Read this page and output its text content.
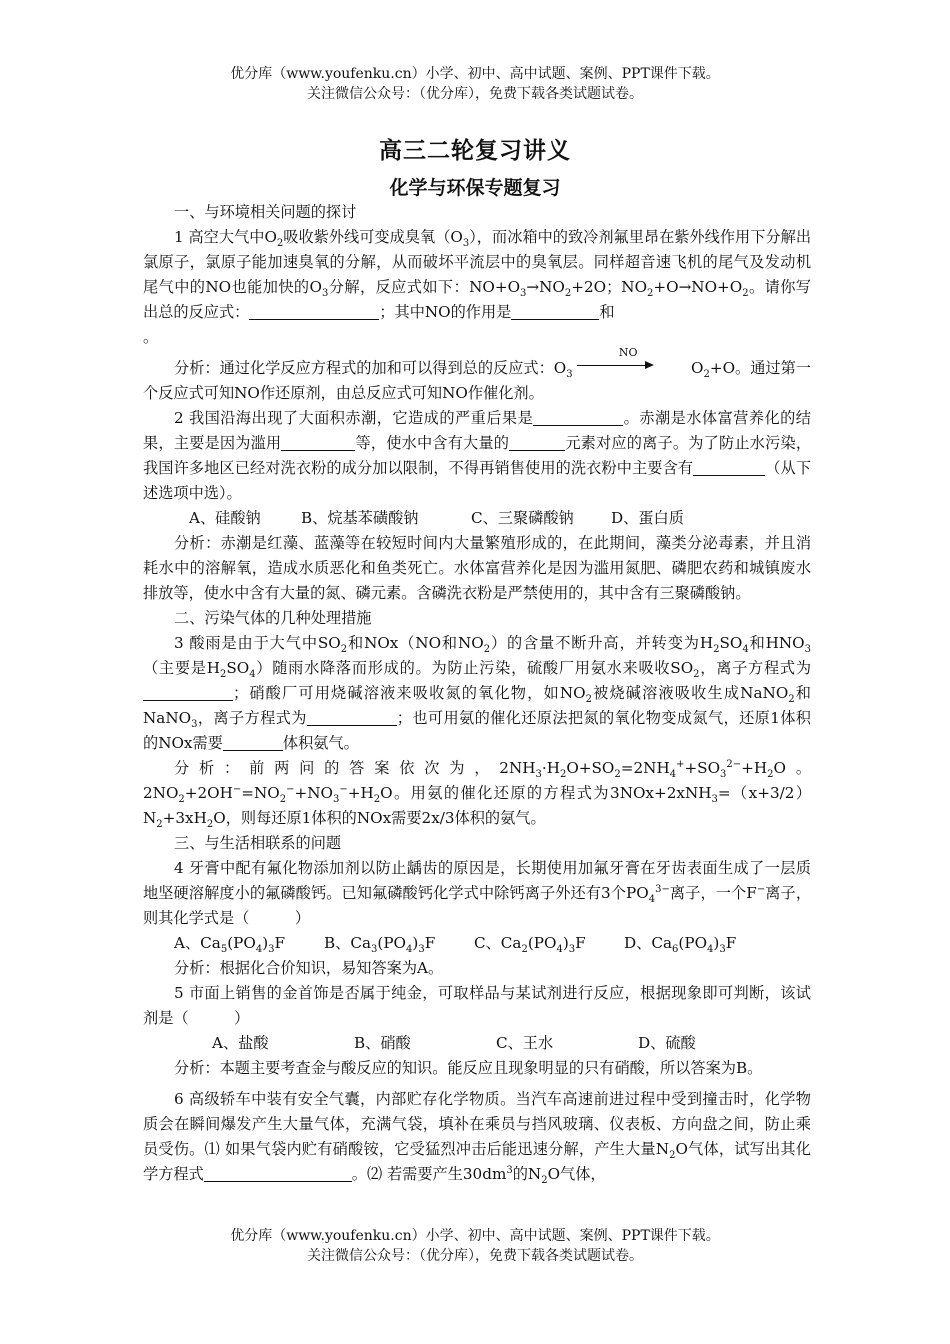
优分库（www.youfenku.cn）小学、初中、高中试题、案例、PPT课件下载。
关注微信公众号：（优分库），免费下载各类试题试卷。
高三二轮复习讲义
化学与环保专题复习

一、与环境相关问题的探讨

1 高空大气中$O_2$吸收紫外线可变成臭氧$(O_3)$，而冰箱中的致冷剂氟里昂在紫外线作用下分解出氯原子，氯原子能加速臭氧的分解，从而破坏平流层中的臭氧层。同样超音速飞机的尾气及发动机尾气中的NO也能加快的$O_3$分解，反应式如下：$NO+O_3\to NO_2+2O$；$NO_2+O\to NO+O_2$。请你写出总的反应式：	；其中NO的作用是	和
。

分析：通过化学反应方程式的加和可以得到总的反应式：$O_3$
NO
　　$O_2+O$。通过第一个反应式可知NO作还原剂，由总反应式可知NO作催化剂。

2 我国沿海出现了大面积赤潮，它造成的严重后果是	。赤潮是水体富营养化的结果，主要是因为滥用	等，使水中含有大量的	元素对应的离子。为了防止水污染，我国许多地区已经对洗衣粉的成分加以限制，不得再销售使用的洗衣粉中主要含有	（从下述选项中选）。

A、硅酸钠	B、烷基苯磺酸钠	C、三聚磷酸钠	D、蛋白质

分析：赤潮是红藻、蓝藻等在较短时间内大量繁殖形成的，在此期间，藻类分泌毒素，并且消耗水中的溶解氧，造成水质恶化和鱼类死亡。水体富营养化是因为滥用氮肥、磷肥农药和城镇废水排放等，使水中含有大量的氮、磷元素。含磷洗衣粉是严禁使用的，其中含有三聚磷酸钠。

二、污染气体的几种处理措施

3 酸雨是由于大气中$SO_2$和NOx（NO和$NO_2$）的含量不断升高，并转变为$H_2SO_4$和$HNO_3$（主要是$H_2SO_4$）随雨水降落而形成的。为防止污染，硫酸厂用氨水来吸收$SO_2$，离子方程式为；硝酸厂可用烧碱溶液来吸收氮的氧化物，如$NO_2$被烧碱溶液吸收生成NaNO$_2$和NaNO$_3$，离子方程式为	；也可用氨的催化还原法把氮的氧化物变成氮气，还原1体积的NOx需要	体积氨气。

分析：前两问的答案依次为，$2NH_3\cdot H_2O+SO_2=2NH_4^++SO_3^{2-}+H_2O$。$2NO_2+2OH^-=NO_2^-+NO_3^-+H_2O$。用氨的催化还原的方程式为$3NOx+2xNH_3=(x+3/2)N_2+3xH_2O$，则每还原1体积的NOx需要2x/3体积的氨气。

三、与生活相联系的问题

4 牙膏中配有氟化物添加剂以防止龋齿的原因是，长期使用加氟牙膏在牙齿表面生成了一层质地坚硬溶解度小的氟磷酸钙。已知氟磷酸钙化学式中除钙离子外还有3个$PO_4^{3-}$离子，一个F−离子，则其化学式是（　　　）

A、$Ca_5(PO_4)_3F$	B、$Ca_3(PO_4)_3F$	C、$Ca_2(PO_4)_3F$	D、$Ca_6(PO_4)_3F$

分析：根据化合价知识，易知答案为A。

5 市面上销售的金首饰是否属于纯金，可取样品与某试剂进行反应，根据现象即可判断，该试剂是（　　　）

A、盐酸	B、硝酸	C、王水	D、硫酸

分析：本题主要考查金与酸反应的知识。能反应且现象明显的只有硝酸，所以答案为B。

6 高级轿车中装有安全气囊，内部贮存化学物质。当汽车高速前进过程中受到撞击时，化学物质会在瞬间爆发产生大量气体，充满气袋，填补在乘员与挡风玻璃、仪表板、方向盘之间，防止乘员受伤。⑴ 如果气袋内贮有硝酸铵，它受猛烈冲击后能迅速分解，产生大量$N_2O$气体，试写出其化学方程式	。⑵ 若需要产生$30dm^3$的$N_2O$气体，

优分库（www.youfenku.cn）小学、初中、高中试题、案例、PPT课件下载。
关注微信公众号：（优分库），免费下载各类试题试卷。
